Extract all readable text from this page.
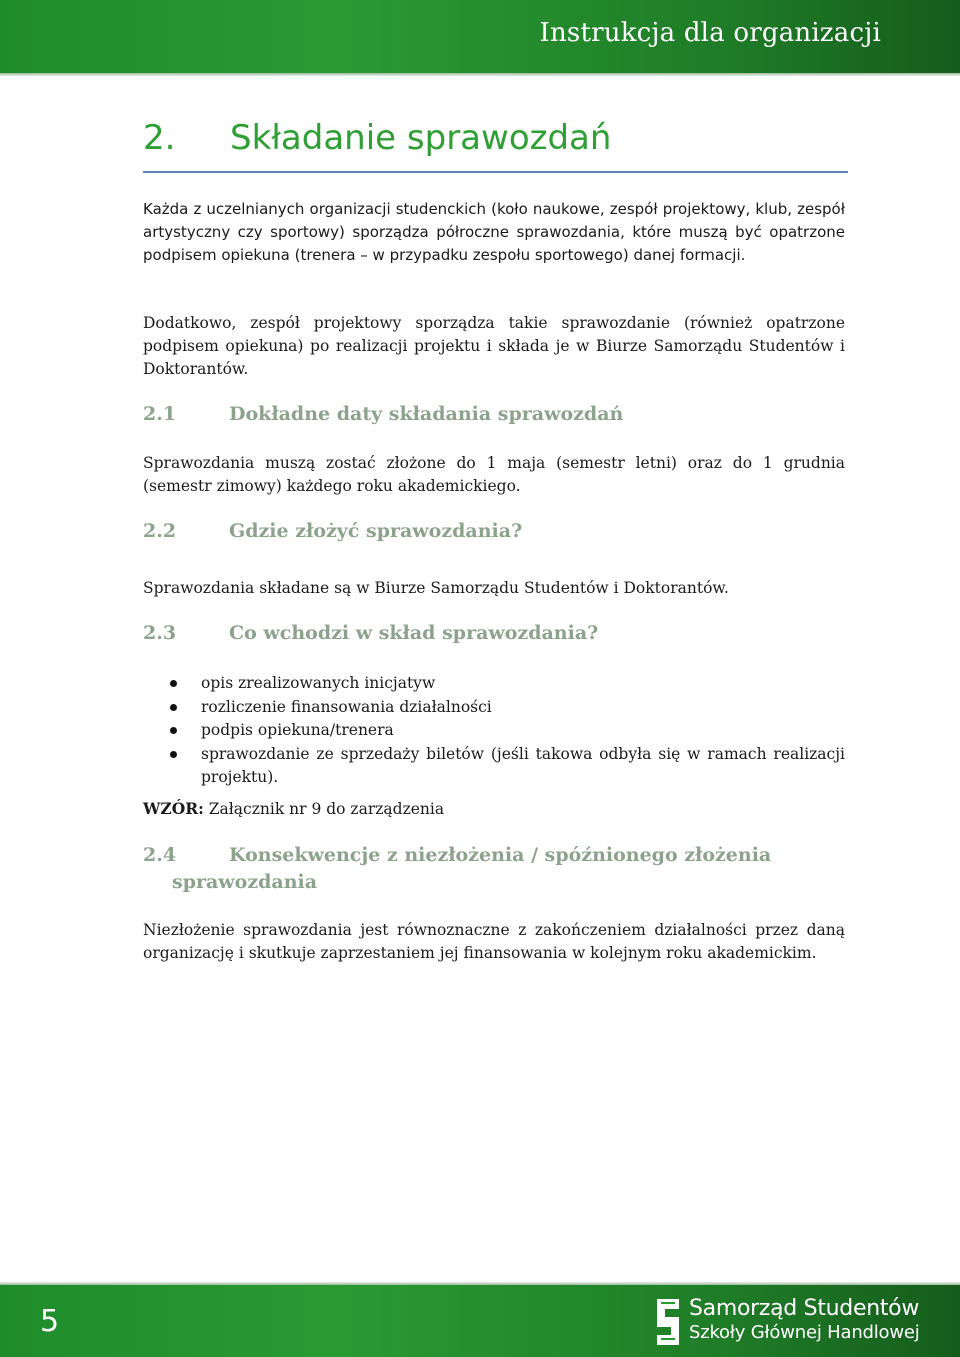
Instrukcja dla organizacji
2. Składanie sprawozdań
Każda z uczelnianych organizacji studenckich (koło naukowe, zespół projektowy, klub, zespół artystyczny czy sportowy) sporządza półroczne sprawozdania, które muszą być opatrzone podpisem opiekuna (trenera – w przypadku zespołu sportowego) danej formacji.
Dodatkowo, zespół projektowy sporządza takie sprawozdanie (również opatrzone podpisem opiekuna) po realizacji projektu i składa je w Biurze Samorządu Studentów i Doktorantów.
2.1	Dokładne daty składania sprawozdań
Sprawozdania muszą zostać złożone do 1 maja (semestr letni) oraz do 1 grudnia (semestr zimowy) każdego roku akademickiego.
2.2	Gdzie złożyć sprawozdania?
Sprawozdania składane są w Biurze Samorządu Studentów i Doktorantów.
2.3	Co wchodzi w skład sprawozdania?
opis zrealizowanych inicjatyw
rozliczenie finansowania działalności
podpis opiekuna/trenera
sprawozdanie ze sprzedaży biletów (jeśli takowa odbyła się w ramach realizacji projektu).
WZÓR: Załącznik nr 9 do zarządzenia
2.4	Konsekwencje z niezłożenia / spóźnionego złożenia
sprawozdania
Niezłożenie sprawozdania jest równoznaczne z zakończeniem działalności przez daną organizację i skutkuje zaprzestaniem jej finansowania w kolejnym roku akademickim.
5	Samorząd Studentów
Szkoły Głównej Handlowej
